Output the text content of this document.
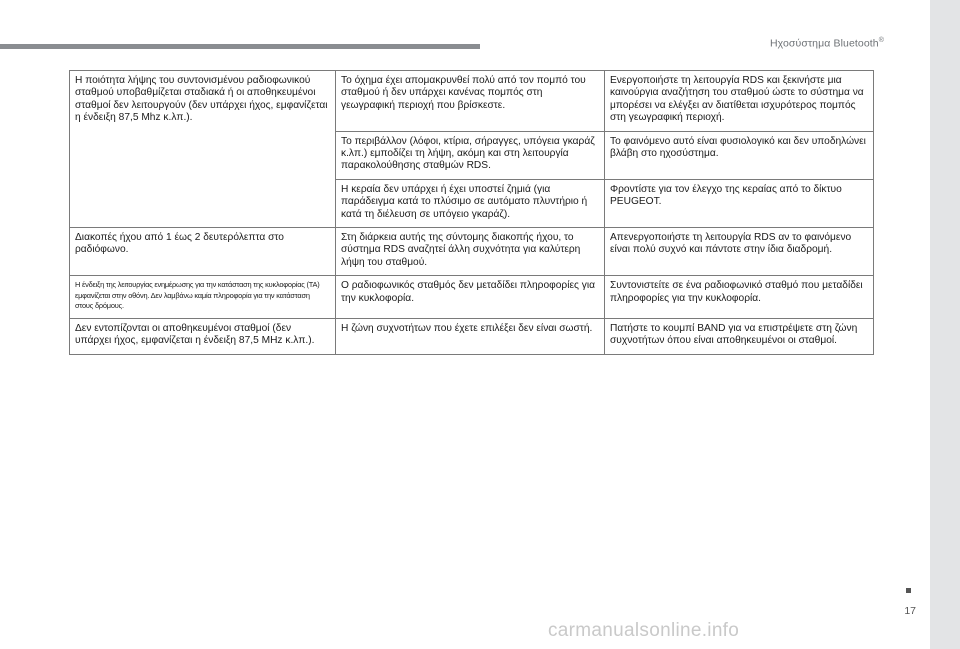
Ηχοσύστημα Bluetooth®
Η ποιότητα λήψης του συντονισμένου ραδιοφωνικού σταθμού υποβαθμίζεται σταδιακά ή οι αποθηκευμένοι σταθμοί δεν λειτουργούν (δεν υπάρχει ήχος, εμφανίζεται η ένδειξη 87,5 Mhz κ.λπ.).	Το όχημα έχει απομακρυνθεί πολύ από τον πομπό του σταθμού ή δεν υπάρχει κανένας πομπός στη γεωγραφική περιοχή που βρίσκεστε.	Ενεργοποιήστε τη λειτουργία RDS και ξεκινήστε μια καινούργια αναζήτηση του σταθμού ώστε το σύστημα να μπορέσει να ελέγξει αν διατίθεται ισχυρότερος πομπός στη γεωγραφική περιοχή.
	Το περιβάλλον (λόφοι, κτίρια, σήραγγες, υπόγεια γκαράζ κ.λπ.) εμποδίζει τη λήψη, ακόμη και στη λειτουργία παρακολούθησης σταθμών RDS.	Το φαινόμενο αυτό είναι φυσιολογικό και δεν υποδηλώνει βλάβη στο ηχοσύστημα.
	Η κεραία δεν υπάρχει ή έχει υποστεί ζημιά (για παράδειγμα κατά το πλύσιμο σε αυτόματο πλυντήριο ή κατά τη διέλευση σε υπόγειο γκαράζ).	Φροντίστε για τον έλεγχο της κεραίας από το δίκτυο PEUGEOT.
Διακοπές ήχου από 1 έως 2 δευτερόλεπτα στο ραδιόφωνο.	Στη διάρκεια αυτής της σύντομης διακοπής ήχου, το σύστημα RDS αναζητεί άλλη συχνότητα για καλύτερη λήψη του σταθμού.	Απενεργοποιήστε τη λειτουργία RDS αν το φαινόμενο είναι πολύ συχνό και πάντοτε στην ίδια διαδρομή.
Η ένδειξη της λειτουργίας ενημέρωσης για την κατάσταση της κυκλοφορίας (TA) εμφανίζεται στην οθόνη. Δεν λαμβάνω καμία πληροφορία για την κατάσταση στους δρόμους.	Ο ραδιοφωνικός σταθμός δεν μεταδίδει πληροφορίες για την κυκλοφορία.	Συντονιστείτε σε ένα ραδιοφωνικό σταθμό που μεταδίδει πληροφορίες για την κυκλοφορία.
Δεν εντοπίζονται οι αποθηκευμένοι σταθμοί (δεν υπάρχει ήχος, εμφανίζεται η ένδειξη 87,5 MHz κ.λπ.).	Η ζώνη συχνοτήτων που έχετε επιλέξει δεν είναι σωστή.	Πατήστε το κουμπί BAND για να επιστρέψετε στη ζώνη συχνοτήτων όπου είναι αποθηκευμένοι οι σταθμοί.
17
carmanualsonline.info
